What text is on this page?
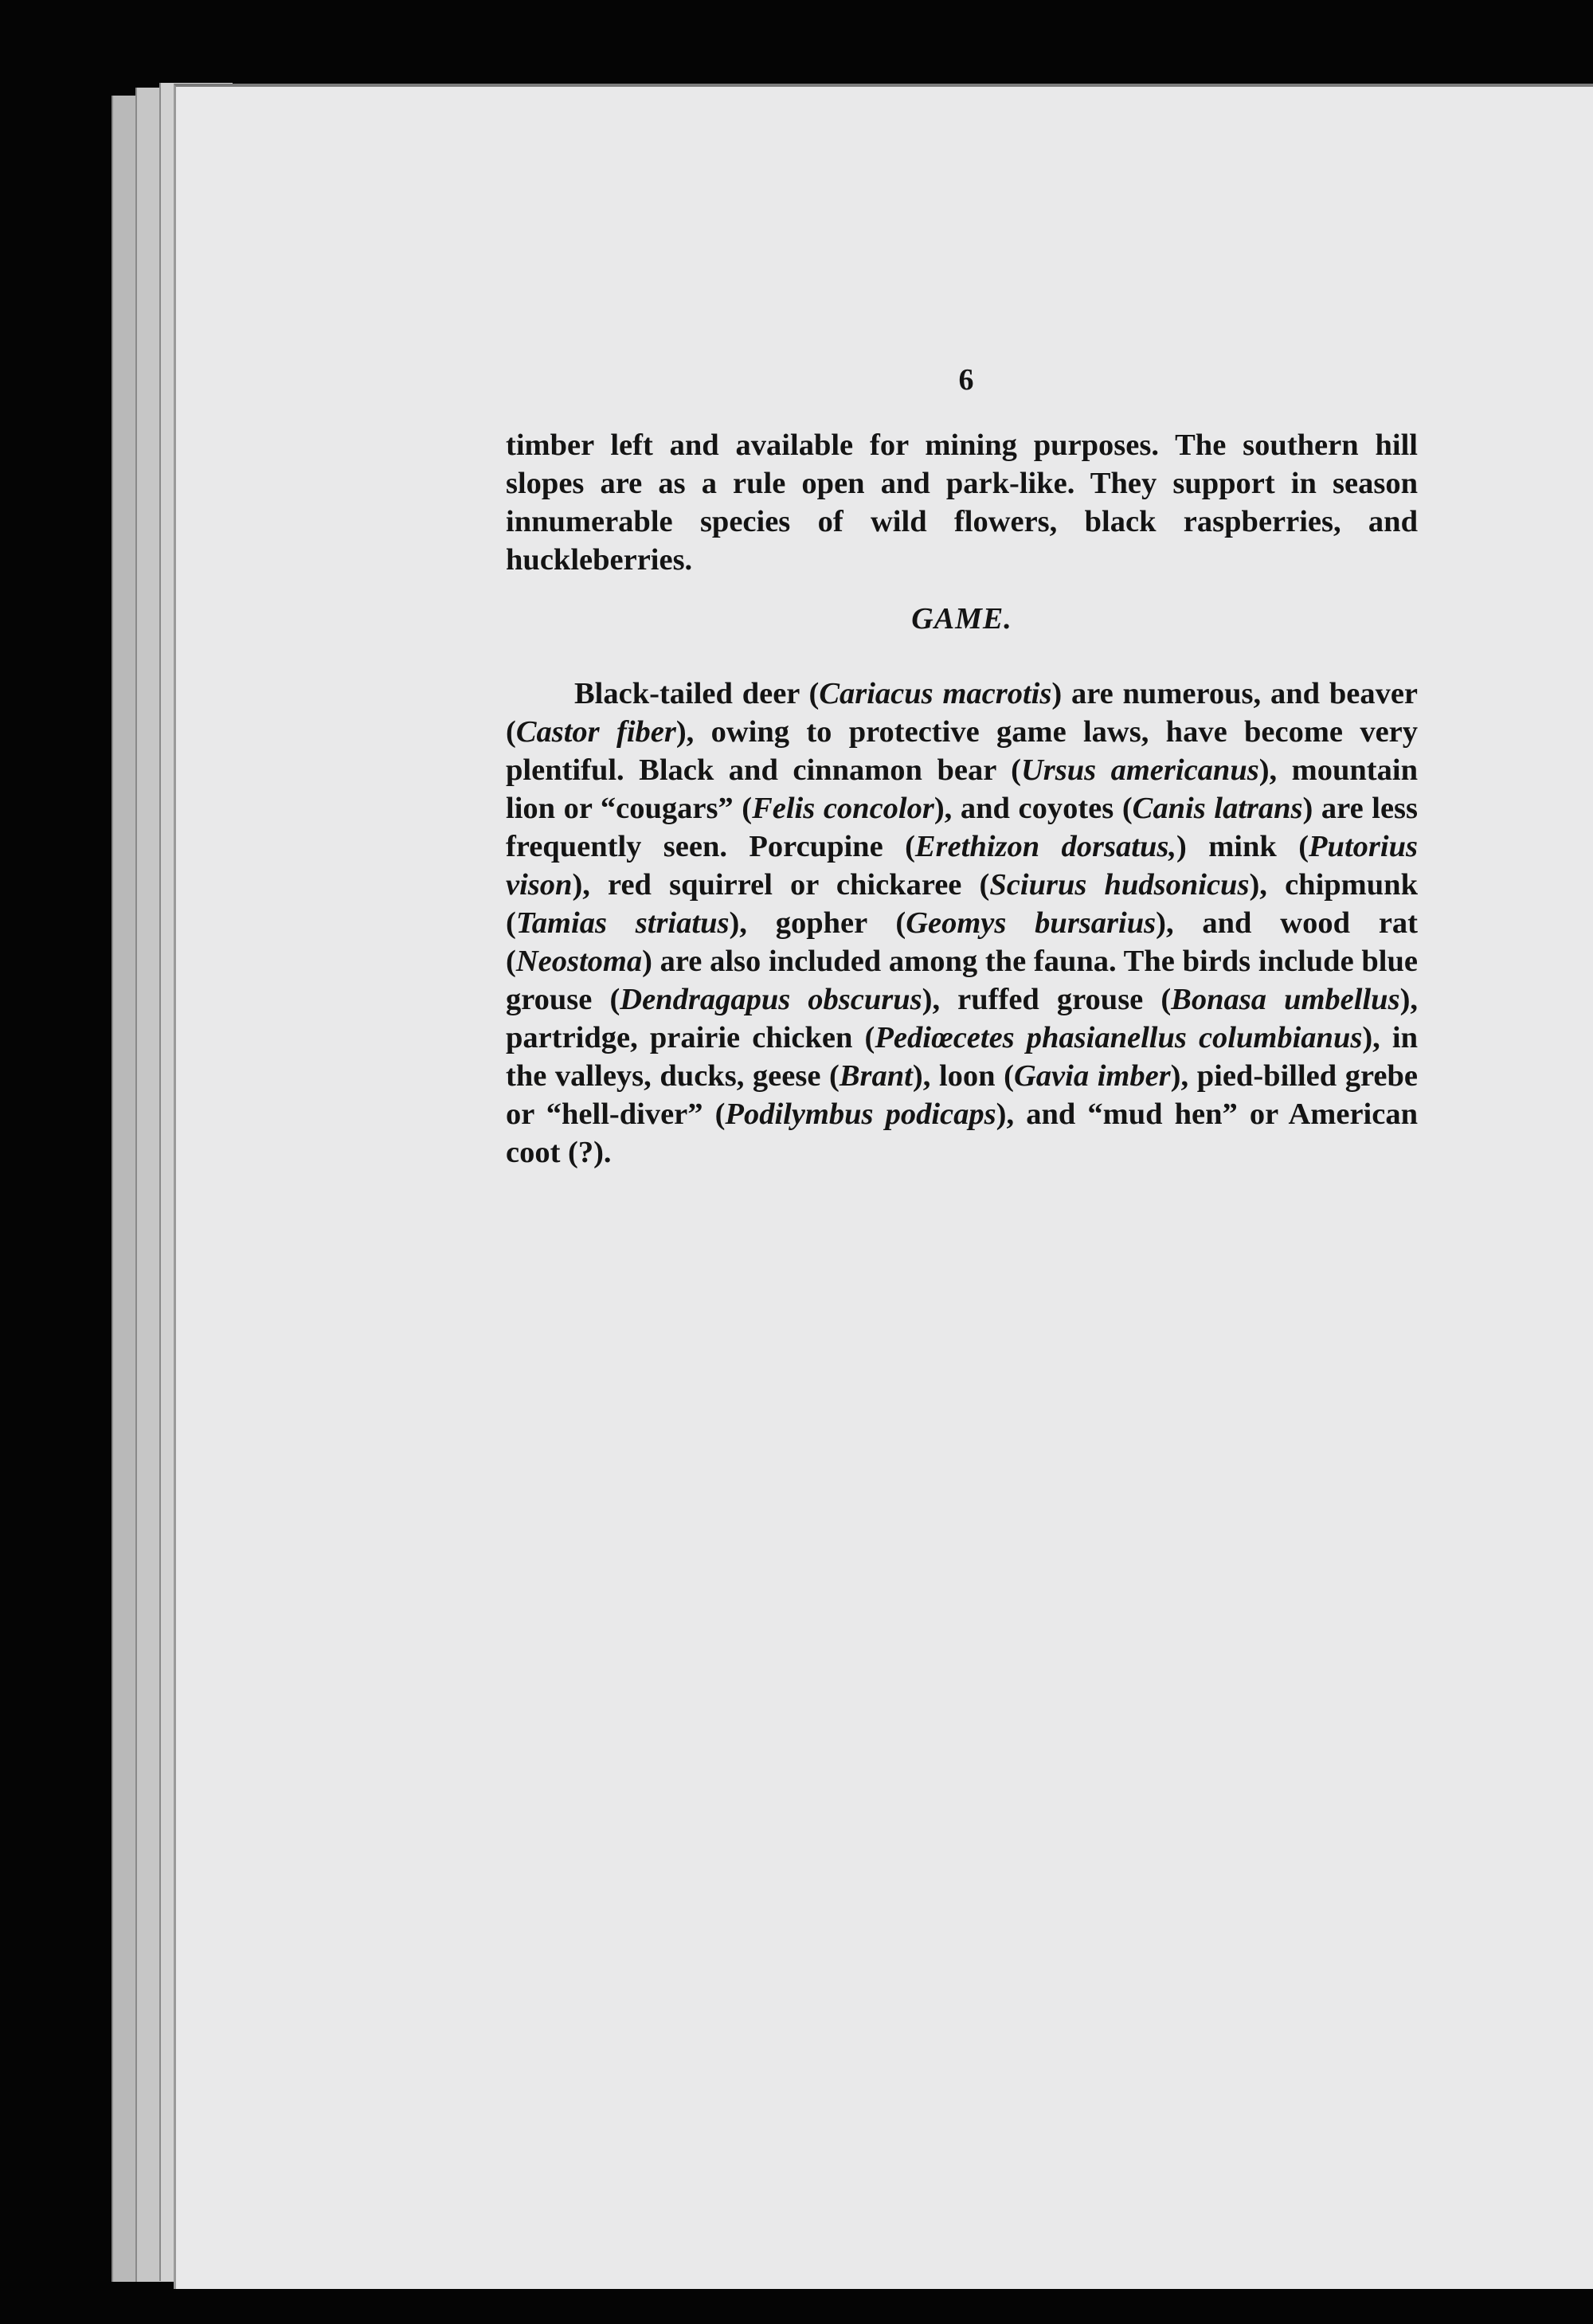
6

timber left and available for mining purposes. The southern hill slopes are as a rule open and park-like. They support in season innumerable species of wild flowers, black raspberries, and huckleberries.

GAME.

Black-tailed deer (Cariacus macrotis) are numerous, and beaver (Castor fiber), owing to protective game laws, have become very plentiful. Black and cinnamon bear (Ursus americanus), mountain lion or “cougars” (Felis concolor), and coyotes (Canis latrans) are less frequently seen. Porcupine (Erethizon dorsatus,) mink (Putorius vison), red squirrel or chickaree (Sciurus hudsonicus), chipmunk (Tamias striatus), gopher (Geomys bursarius), and wood rat (Neostoma) are also included among the fauna. The birds include blue grouse (Dendragapus obscurus), ruffed grouse (Bonasa umbellus), partridge, prairie chicken (Pediœcetes phasianellus columbianus), in the valleys, ducks, geese (Brant), loon (Gavia imber), pied-billed grebe or “hell-diver” (Podilymbus podicaps), and “mud hen” or American coot (?).
